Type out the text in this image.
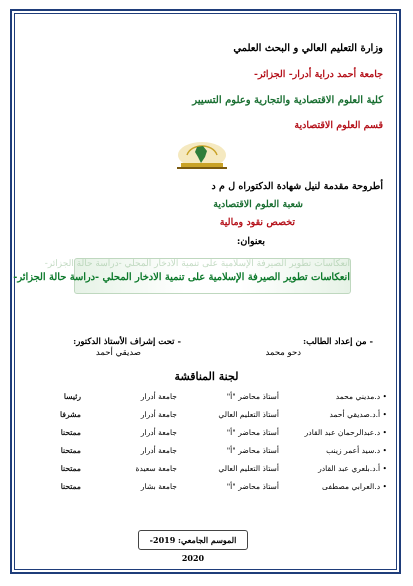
وزارة التعليم العالي و البحث العلمي
جامعة أحمد دراية أدرار- الجزائر-
كلية العلوم الاقتصادية والتجارية وعلوم التسيير
قسم العلوم الاقتصادية
أطروحة مقدمة لنيل شهادة الدكتوراه ل م د
شعبة العلوم الاقتصادية
تخصص نقود ومالية
بعنوان:
انعكاسات تطوير الصيرفة الإسلامية على تنمية الادخار المحلي -دراسة حالة الجزائر-
انعكاسات تطوير الصيرفة الإسلامية على تنمية الادخار المحلي -دراسة حالة الجزائر-
- من إعداد الطالب:
- تحت إشراف الأستاذ الدكتور:
دحو محمد
صديقي أحمد
لجنة المناقشة
• د.مديني محمد
أستاذ محاضر "أ"
جامعة أدرار
رئيسا
• أ.د.صديقي أحمد
أستاذ التعليم العالي
جامعة أدرار
مشرفا
• د.عبدالرحمان عبد القادر
أستاذ محاضر "أ"
جامعة أدرار
ممتحنا
• د.سيد أعمر زينب
أستاذ محاضر "أ"
جامعة أدرار
ممتحنا
• أ.د.بلعري عبد القادر
أستاذ التعليم العالي
جامعة سعيدة
ممتحنا
• د.العرابي مصطفى
أستاذ محاضر "أ"
جامعة بشار
ممتحنا
الموسم الجامعي: 2019-2020
